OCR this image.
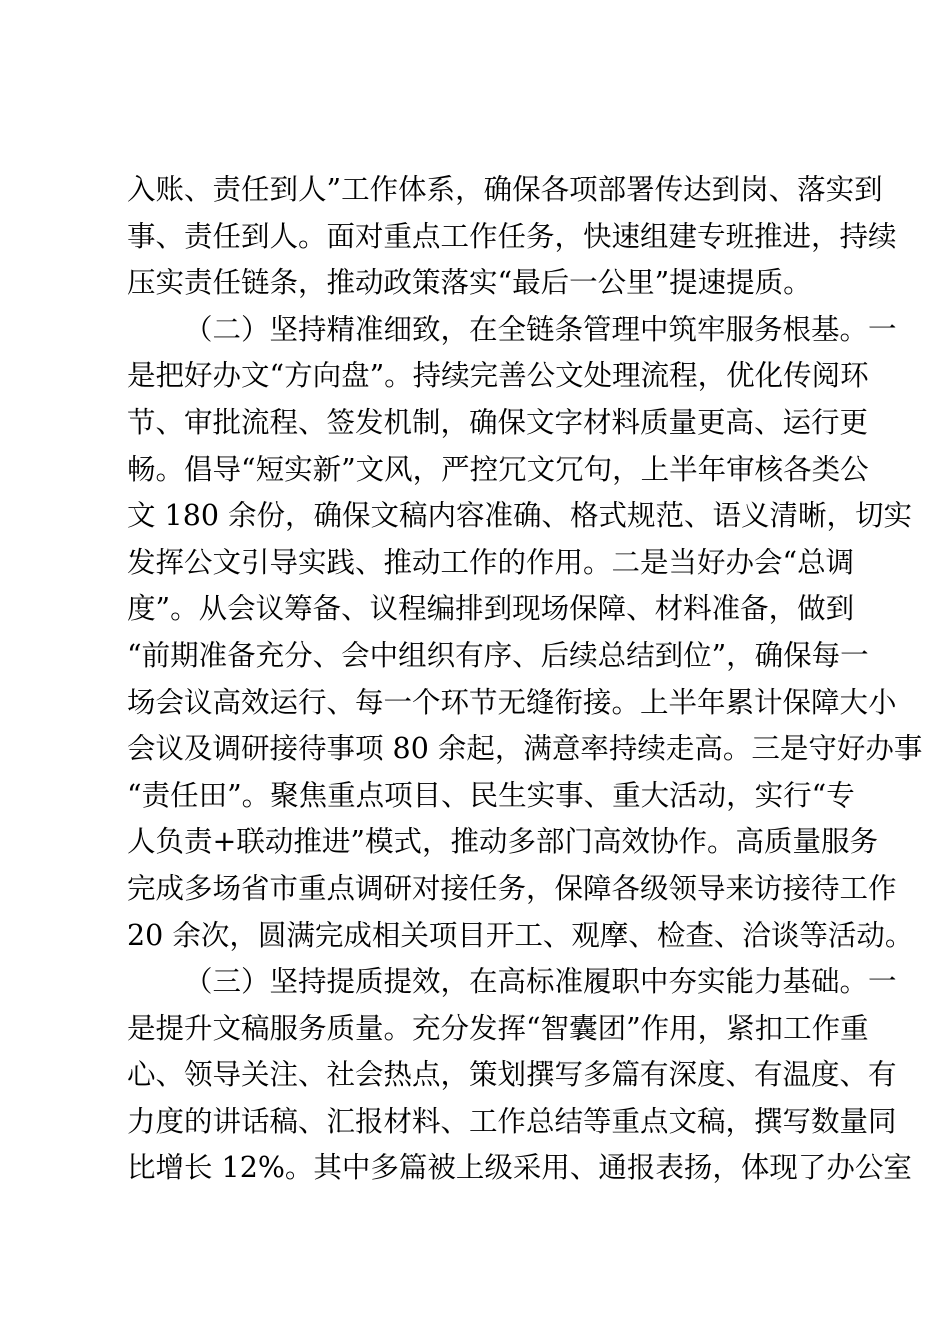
入账、责任到人”工作体系，确保各项部署传达到岗、落实到
事、责任到人。面对重点工作任务，快速组建专班推进，持续
压实责任链条，推动政策落实“最后一公里”提速提质。
（二）坚持精准细致，在全链条管理中筑牢服务根基。一
是把好办文“方向盘”。持续完善公文处理流程，优化传阅环
节、审批流程、签发机制，确保文字材料质量更高、运行更
畅。倡导“短实新”文风，严控冗文冗句，上半年审核各类公
文 180 余份，确保文稿内容准确、格式规范、语义清晰，切实
发挥公文引导实践、推动工作的作用。二是当好办会“总调
度”。从会议筹备、议程编排到现场保障、材料准备，做到
“前期准备充分、会中组织有序、后续总结到位”，确保每一
场会议高效运行、每一个环节无缝衔接。上半年累计保障大小
会议及调研接待事项 80 余起，满意率持续走高。三是守好办事
“责任田”。聚焦重点项目、民生实事、重大活动，实行“专
人负责+联动推进”模式，推动多部门高效协作。高质量服务
完成多场省市重点调研对接任务，保障各级领导来访接待工作
20 余次，圆满完成相关项目开工、观摩、检查、洽谈等活动。
（三）坚持提质提效，在高标准履职中夯实能力基础。一
是提升文稿服务质量。充分发挥“智囊团”作用，紧扣工作重
心、领导关注、社会热点，策划撰写多篇有深度、有温度、有
力度的讲话稿、汇报材料、工作总结等重点文稿，撰写数量同
比增长 12%。其中多篇被上级采用、通报表扬，体现了办公室
